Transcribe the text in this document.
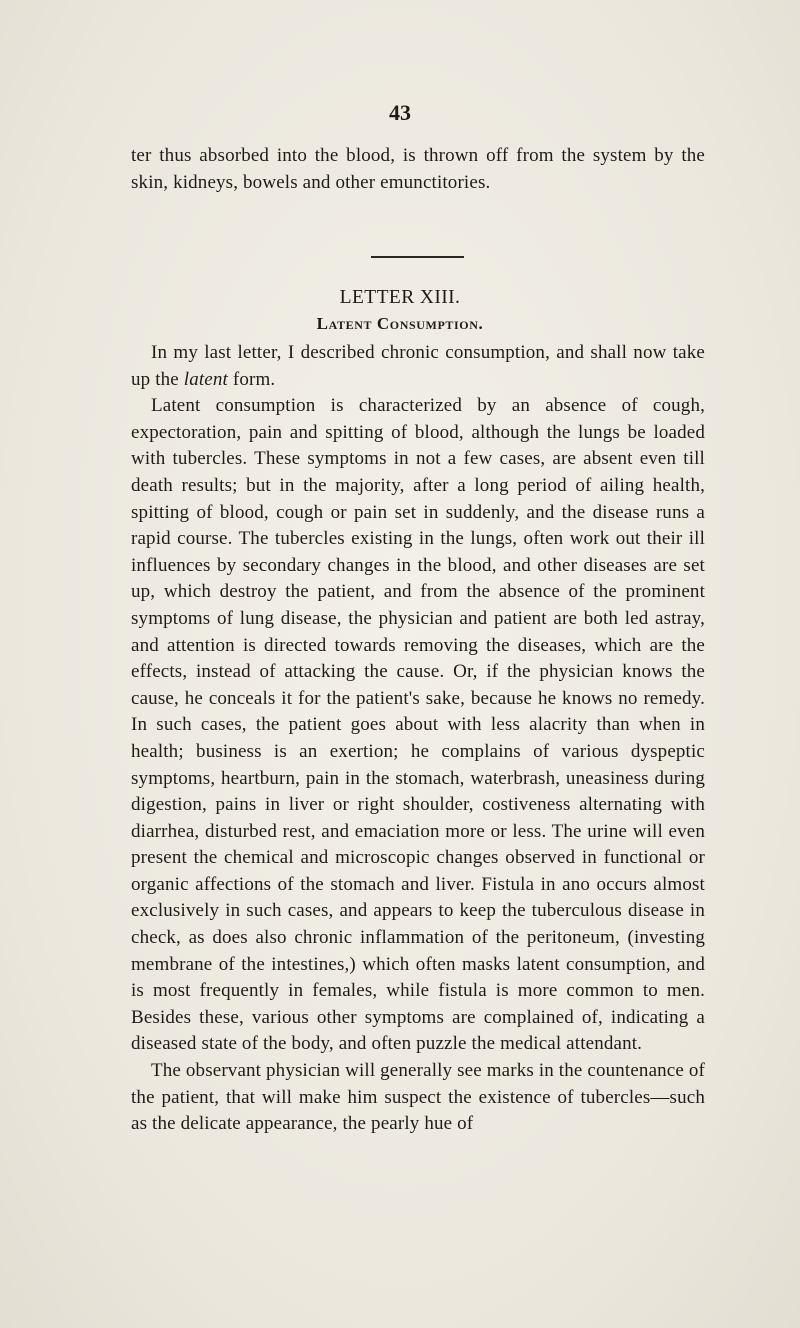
43
ter thus absorbed into the blood, is thrown off from the system by the skin, kidneys, bowels and other emunctitories.
LETTER XIII.
Latent Consumption.

In my last letter, I described chronic consumption, and shall now take up the latent form.

Latent consumption is characterized by an absence of cough, expectoration, pain and spitting of blood, although the lungs be loaded with tubercles. These symptoms in not a few cases, are absent even till death results; but in the majority, after a long period of ailing health, spitting of blood, cough or pain set in suddenly, and the disease runs a rapid course. The tubercles existing in the lungs, often work out their ill influences by secondary changes in the blood, and other diseases are set up, which destroy the patient, and from the absence of the prominent symptoms of lung disease, the physician and patient are both led astray, and attention is directed towards removing the diseases, which are the effects, instead of attacking the cause. Or, if the physician knows the cause, he conceals it for the patient's sake, because he knows no remedy. In such cases, the patient goes about with less alacrity than when in health; business is an exertion; he complains of various dyspeptic symptoms, heartburn, pain in the stomach, waterbrash, uneasiness during digestion, pains in liver or right shoulder, costiveness alternating with diarrhea, disturbed rest, and emaciation more or less. The urine will even present the chemical and microscopic changes observed in functional or organic affections of the stomach and liver. Fistula in ano occurs almost exclusively in such cases, and appears to keep the tuberculous disease in check, as does also chronic inflammation of the peritoneum, (investing membrane of the intestines,) which often masks latent consumption, and is most frequently in females, while fistula is more common to men. Besides these, various other symptoms are complained of, indicating a diseased state of the body, and often puzzle the medical attendant.

The observant physician will generally see marks in the countenance of the patient, that will make him suspect the existence of tubercles—such as the delicate appearance, the pearly hue of
